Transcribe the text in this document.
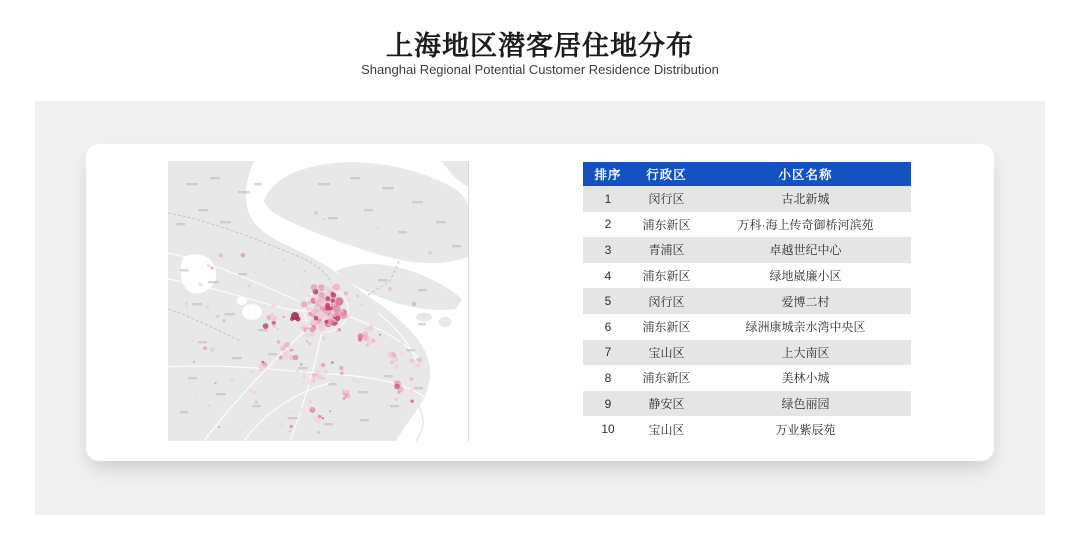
上海地区潜客居住地分布
Shanghai Regional Potential Customer Residence Distribution
排序	行政区	小区名称
1	闵行区	古北新城
2	浦东新区	万科·海上传奇御桥河滨苑
3	青浦区	卓越世纪中心
4	浦东新区	绿地崴廉小区
5	闵行区	爱博二村
6	浦东新区	绿洲康城亲水湾中央区
7	宝山区	上大南区
8	浦东新区	美林小城
9	静安区	绿色丽园
10	宝山区	万业紫辰苑
